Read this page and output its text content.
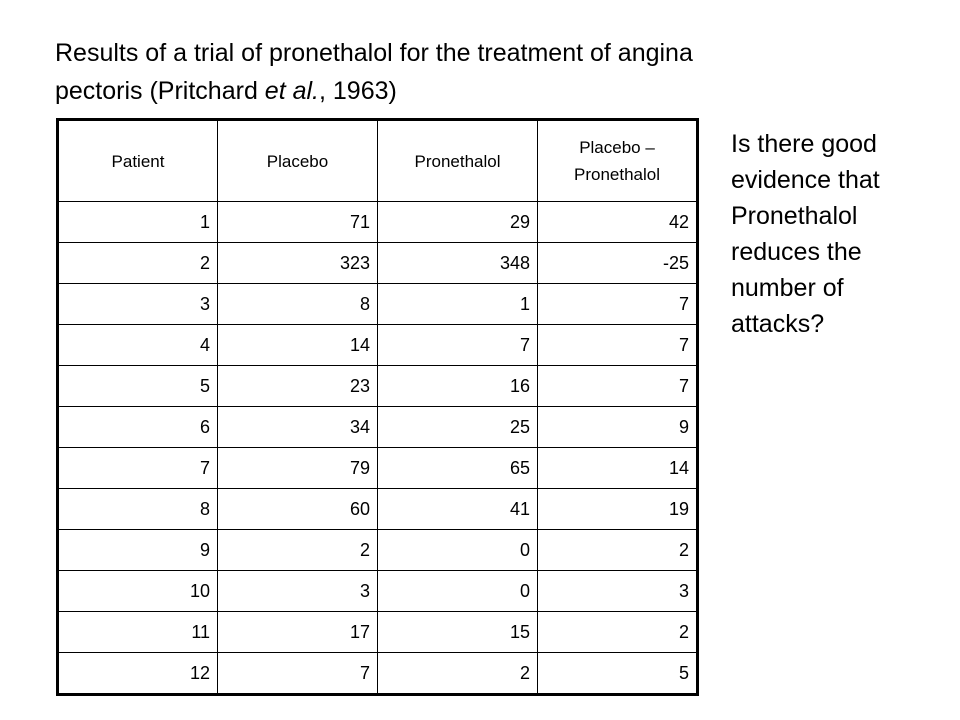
Results of a trial of pronethalol for the treatment of angina
pectoris (Pritchard et al., 1963)
Patient	Placebo	Pronethalol	Placebo – Pronethalol
1	71	29	42
2	323	348	-25
3	8	1	7
4	14	7	7
5	23	16	7
6	34	25	9
7	79	65	14
8	60	41	19
9	2	0	2
10	3	0	3
11	17	15	2
12	7	2	5
Is there good evidence that Pronethalol reduces the number of attacks?
